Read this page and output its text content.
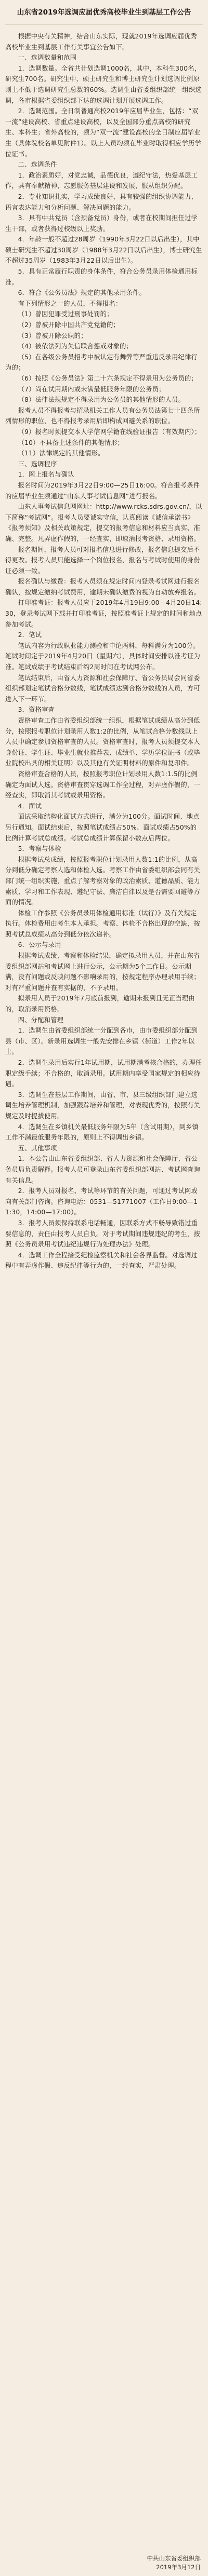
山东省2019年选调应届优秀高校毕业生到基层工作公告

根据中央有关精神，结合山东实际，现就2019年选调应届优秀高校毕业生到基层工作有关事宜公告如下。

一、选调数量和范围

1．选调数量。全省共计划选调1000名，其中，本科生300名，研究生700名。研究生中，硕士研究生和博士研究生计划选调比例原则上不低于选调研究生总数的60%。选调生由省委组织部统一组织选调，各市根据省委组织部下达的选调计划开展选调工作。

2．选调范围。全日制普通高校2019年应届毕业生，包括：“双一流”建设高校、省重点建设高校，以及全国部分重点高校的研究生、本科生；省外高校的，须为“双一流”建设高校的全日制应届毕业生（具体院校名单见附件1）。以上人员均须在毕业时取得相应学历学位证书。

二、选调条件

1．政治素质好，对党忠诚，品德优良，遵纪守法，热爱基层工作，具有奉献精神，志愿服务基层建设和发展，服从组织分配。

2．专业知识扎实，学习成绩良好，具有较强的组织协调能力、语言表达能力和分析问题、解决问题的能力。

3．具有中共党员（含预备党员）身份，或者在校期间担任过学生干部，或者获得过校级以上奖励。

4．年龄一般不超过28周岁（1990年3月22日以后出生），其中硕士研究生不超过30周岁（1988年3月22日以后出生），博士研究生不超过35周岁（1983年3月22日以后出生）。

5．具有正常履行职责的身体条件，符合公务员录用体检通用标准。

6．符合《公务员法》规定的其他录用条件。

有下列情形之一的人员，不得报名：

（1）曾因犯罪受过刑事处罚的；

（2）曾被开除中国共产党党籍的；

（3）曾被开除公职的；

（4）被依法列为失信联合惩戒对象的；

（5）在各级公务员招考中被认定有舞弊等严重违反录用纪律行为的；

（6）按照《公务员法》第二十六条规定不得录用为公务员的；

（7）尚在试用期内或未满最低服务年限的公务员；

（8）法律法规规定不得录用为公务员的其他情形的人员。

报考人员不得报考与招录机关工作人员有公务员法第七十四条所列情形的职位，也不得报考录用后即构成回避关系的职位。

（9）报名时须提交本人学信网学籍在线验证报告（有效期内）；

（10）不具备上述条件的其他情形；

（11）法律规定的其他情形。

三、选调程序

1．网上报名与确认

报名时间为2019年3月22日9:00—25日16:00。符合报考条件的应届毕业生须通过“山东人事考试信息网”进行报名。

山东人事考试信息网网址：http://www.rcks.sdrs.gov.cn/，以下简称“考试网”。报考人员要诚实守信，认真阅读《诚信承诺书》《报考须知》及相关政策规定，提交的报考信息和材料应当真实、准确、完整。凡弄虚作假的，一经查实，即取消报考资格、录用资格。

报名期间，报考人员可对报名信息进行修改，报名信息提交后不得更改。报考人员只能选择一个岗位报名，报名与考试时使用的身份证必须一致。

报名确认与缴费：报考人员须在规定时间内登录考试网进行报名确认，按规定缴纳考试费用，逾期未确认缴费的视为自动放弃报名。

打印准考证：报考人员应于2019年4月19日9:00—4月20日14:30，登录考试网下载并打印准考证，按照准考证上规定的时间和地点参加考试。

2．笔试

笔试内容为行政职业能力测验和申论两科，每科满分为100分。笔试时间定于2019年4月20日（星期六），具体时间安排以准考证为准。笔试成绩于考试结束后约2周时间在考试网公布。

笔试结束后，由省人力资源和社会保障厅、省公务员局会同省委组织部划定笔试合格分数线，笔试成绩达到合格分数线的人员，方可进入下一环节。

3．资格审查

资格审查工作由省委组织部统一组织，根据笔试成绩从高分到低分，按照报考职位计划录用人数1:2的比例，从笔试合格分数线以上人员中确定参加资格审查的人员。资格审查时，报考人员须提交本人身份证、学生证、毕业生就业推荐表、成绩单、学历学位证书（或毕业院校出具的相关证明）以及其他有关证明材料的原件和复印件。

资格审查合格的人员，按照报考职位计划录用人数1:1.5的比例确定为面试人选。资格审查贯穿选调工作全过程，对弄虚作假的，一经查实，即取消其考试或录用资格。

4．面试

面试采取结构化面试方式进行，满分为100分。面试时间、地点另行通知。面试结束后，按照笔试成绩占50%、面试成绩占50%的比例计算考试总成绩。考试总成绩计算保留小数点后两位。

5．考察与体检

根据考试总成绩，按照报考职位计划录用人数1:1的比例，从高分到低分确定考察人选和体检人选。考察工作由省委组织部会同有关部门统一组织实施，重点了解考察对象的政治素质、道德品质、能力素质、学习和工作表现、遵纪守法、廉洁自律以及是否需要回避等方面的情况。

体检工作参照《公务员录用体检通用标准（试行）》及有关规定执行。体检费用由考生本人承担。考察、体检不合格出现的空缺，按照考试总成绩从高分到低分依次递补。

6．公示与录用

根据考试成绩、考察和体检结果，确定拟录用人员，并在山东省委组织部网站和考试网上进行公示，公示期为5个工作日。公示期满，没有问题或反映问题不影响录用的，按规定程序办理录用手续；对有严重问题并查有实据的，不予录用。

拟录用人员于2019年7月底前报到，逾期未报到且无正当理由的，取消录用资格。

四、分配和管理

1．选调生由省委组织部统一分配到各市，由市委组织部分配到县（市、区）。新录用选调生一般先安排在乡镇（街道）工作2年以上。

2．选调生录用后实行1年试用期，试用期满考核合格的，办理任职定级手续；不合格的，取消录用。试用期内享受国家规定的相应待遇。

3．选调生在基层工作期间，由省、市、县三级组织部门建立选调生培养管理机制，加强跟踪培养和管理，对表现优秀的，按照有关规定及时提拔使用。

4．选调生在乡镇机关最低服务年限为5年（含试用期），到乡镇工作不满最低服务年限的，原则上不得调出乡镇。

五、其他事项

1．本公告由山东省委组织部、省人力资源和社会保障厅、省公务员局负责解释。报考人员可登录山东省委组织部网站、考试网查询有关信息。

2．报考人员对报名、考试等环节的有关问题，可通过考试网或向有关部门咨询。咨询电话：0531—51771007（工作日9:00—11:30，14:00—17:00）。

3．报考人员须保持联系电话畅通，因联系方式不畅导致错过重要信息的，责任由报考人员自负。对于考试期间违规违纪的考生，按照《公务员录用考试违纪违规行为处理办法》处理。

4．选调工作全程接受纪检监察机关和社会各界监督。对选调过程中有弄虚作假、违反纪律等行为的，一经查实，严肃处理。

中共山东省委组织部

2019年3月12日
